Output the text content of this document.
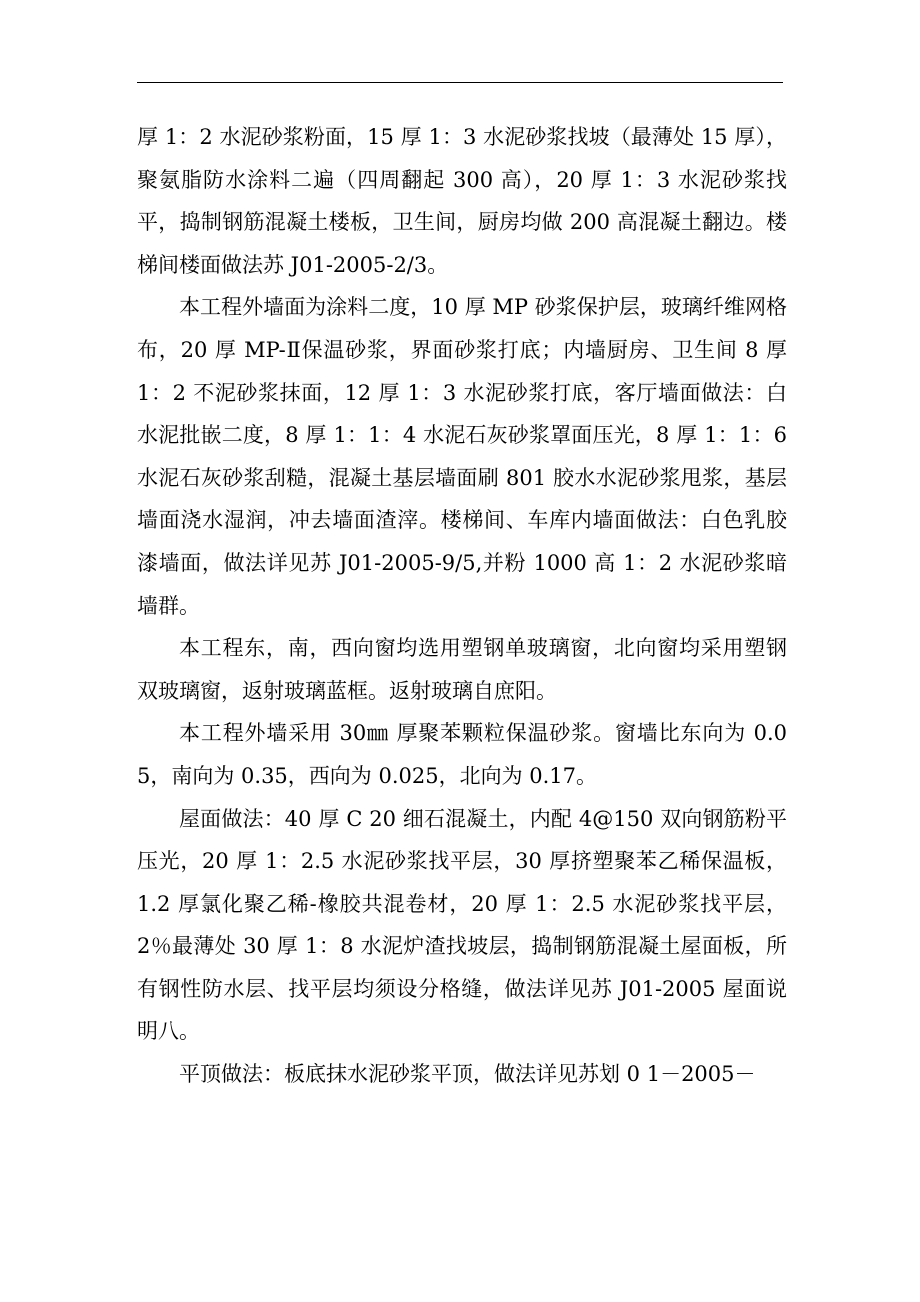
厚 1：2 水泥砂浆粉面，15 厚 1：3 水泥砂浆找坡（最薄处 15 厚），聚氨脂防水涂料二遍（四周翻起 300 高），20 厚 1：3 水泥砂浆找平，捣制钢筋混凝土楼板，卫生间，厨房均做 200 高混凝土翻边。楼梯间楼面做法苏 J01-2005-2/3。

本工程外墙面为涂料二度，10 厚 MP 砂浆保护层，玻璃纤维网格布，20 厚 MP-Ⅱ保温砂浆，界面砂浆打底；内墙厨房、卫生间 8 厚 1：2 不泥砂浆抹面，12 厚 1：3 水泥砂浆打底，客厅墙面做法：白水泥批嵌二度，8 厚 1：1：4 水泥石灰砂浆罩面压光，8 厚 1：1：6 水泥石灰砂浆刮糙，混凝土基层墙面刷 801 胶水水泥砂浆甩浆，基层墙面浇水湿润，冲去墙面渣滓。楼梯间、车库内墙面做法：白色乳胶漆墙面，做法详见苏 J01-2005-9/5,并粉 1000 高 1：2 水泥砂浆暗墙群。

本工程东，南，西向窗均选用塑钢单玻璃窗，北向窗均采用塑钢双玻璃窗，返射玻璃蓝框。返射玻璃自庶阳。

本工程外墙采用 30㎜ 厚聚苯颗粒保温砂浆。窗墙比东向为 0.05，南向为 0.35，西向为 0.025，北向为 0.17。

屋面做法：40 厚 C 20 细石混凝土，内配 4@150 双向钢筋粉平压光，20 厚 1：2.5 水泥砂浆找平层，30 厚挤塑聚苯乙稀保温板，1.2 厚氯化聚乙稀-橡胶共混卷材，20 厚 1：2.5 水泥砂浆找平层，2％最薄处 30 厚 1：8 水泥炉渣找坡层，捣制钢筋混凝土屋面板，所有钢性防水层、找平层均须设分格缝，做法详见苏 J01-2005 屋面说明八。

平顶做法：板底抹水泥砂浆平顶，做法详见苏划 0 1－2005－
